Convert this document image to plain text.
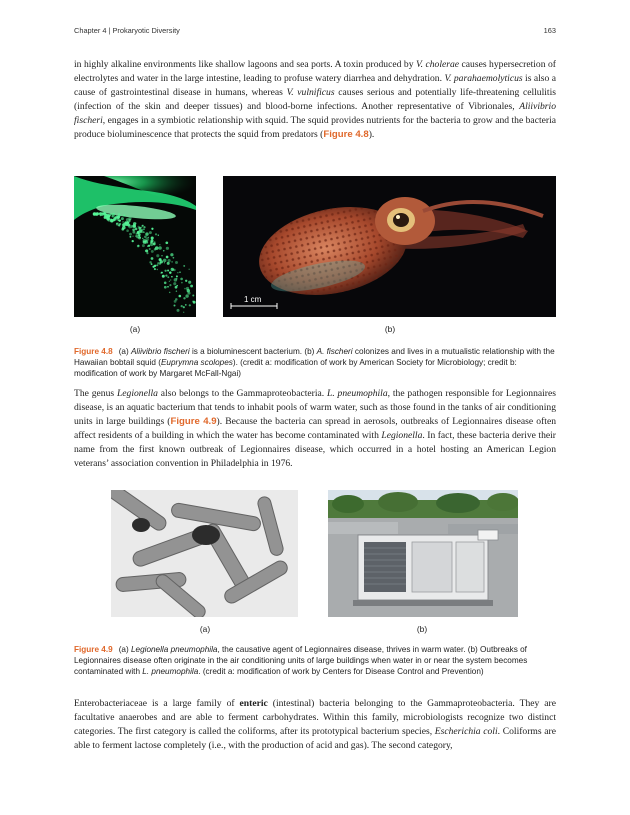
Chapter 4 | Prokaryotic Diversity	163

in highly alkaline environments like shallow lagoons and sea ports. A toxin produced by V. cholerae causes hypersecretion of electrolytes and water in the large intestine, leading to profuse watery diarrhea and dehydration. V. parahaemolyticus is also a cause of gastrointestinal disease in humans, whereas V. vulnificus causes serious and potentially life-threatening cellulitis (infection of the skin and deeper tissues) and blood-borne infections. Another representative of Vibrionales, Aliivibrio fischeri, engages in a symbiotic relationship with squid. The squid provides nutrients for the bacteria to grow and the bacteria produce bioluminescence that protects the squid from predators (Figure 4.8).

1 cm
(a)	(b)

Figure 4.8 (a) Aliivibrio fischeri is a bioluminescent bacterium. (b) A. fischeri colonizes and lives in a mutualistic relationship with the Hawaiian bobtail squid (Euprymna scolopes). (credit a: modification of work by American Society for Microbiology; credit b: modification of work by Margaret McFall-Ngai)

The genus Legionella also belongs to the Gammaproteobacteria. L. pneumophila, the pathogen responsible for Legionnaires disease, is an aquatic bacterium that tends to inhabit pools of warm water, such as those found in the tanks of air conditioning units in large buildings (Figure 4.9). Because the bacteria can spread in aerosols, outbreaks of Legionnaires disease often affect residents of a building in which the water has become contaminated with Legionella. In fact, these bacteria derive their name from the first known outbreak of Legionnaires disease, which occurred in a hotel hosting an American Legion veterans’ association convention in Philadelphia in 1976.

(a)	(b)

Figure 4.9 (a) Legionella pneumophila, the causative agent of Legionnaires disease, thrives in warm water. (b) Outbreaks of Legionnaires disease often originate in the air conditioning units of large buildings when water in or near the system becomes contaminated with L. pneumophila. (credit a: modification of work by Centers for Disease Control and Prevention)

Enterobacteriaceae is a large family of enteric (intestinal) bacteria belonging to the Gammaproteobacteria. They are facultative anaerobes and are able to ferment carbohydrates. Within this family, microbiologists recognize two distinct categories. The first category is called the coliforms, after its prototypical bacterium species, Escherichia coli. Coliforms are able to ferment lactose completely (i.e., with the production of acid and gas). The second category,
